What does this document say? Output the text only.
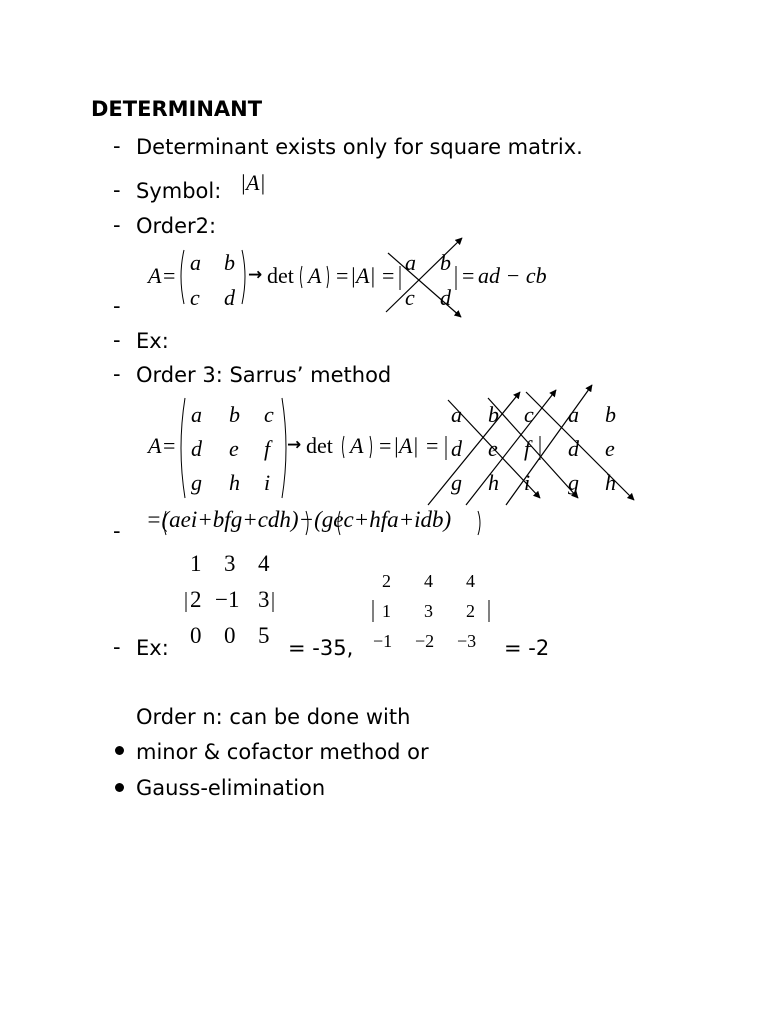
DETERMINANT
-
-
-
-
-
-
-
-
Determinant exists only for square matrix.
Symbol: |A|
Order2:
Ex:
Order 3: Sarrus’ method
Ex:
A =
a b
c d
→ det A = |A| =
a b
c d
= ad − cb
A =
a b c
d e f
g h i
→ det A = |A| =
a b c a b
d e f d e
g h i g h
=(aei+bfg+cdh)−(gec+hfa+idb)
1 3 4
2 −1 3
0 0 5 = -35,
2 4 4
1 3 2
−1 −2 −3 = -2
Order n: can be done with
minor & cofactor method or
Gauss-elimination
